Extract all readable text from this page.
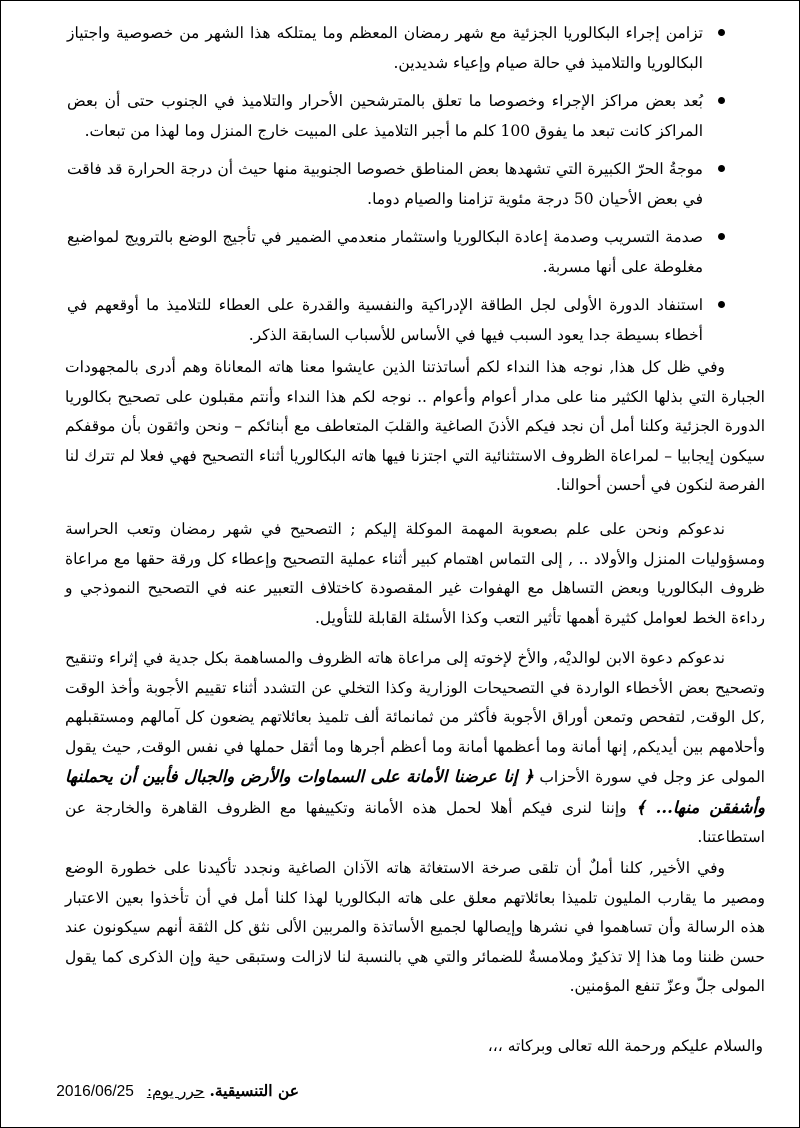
تزامن إجراء البكالوريا الجزئية مع شهر رمضان المعظم وما يمتلكه هذا الشهر من خصوصية واجتياز البكالوريا والتلاميذ في حالة صيام وإعياء شديدين.
بُعد بعض مراكز الإجراء وخصوصا ما تعلق بالمترشحين الأحرار والتلاميذ في الجنوب حتى أن بعض المراكز كانت تبعد ما يفوق 100 كلم ما أجبر التلاميذ على المبيت خارج المنزل وما لهذا من تبعات.
موجةُ الحرّ الكبيرة التي تشهدها بعض المناطق خصوصا الجنوبية منها حيث أن درجة الحرارة قد فاقت في بعض الأحيان 50 درجة مئوية تزامنا والصيام دوما.
صدمة التسريب وصدمة إعادة البكالوريا واستثمار منعدمي الضمير في تأجيج الوضع بالترويج لمواضيع مغلوطة على أنها مسربة.
استنفاد الدورة الأولى لجل الطاقة الإدراكية والنفسية والقدرة على العطاء للتلاميذ ما أوقعهم في أخطاء بسيطة جدا يعود السبب فيها في الأساس للأسباب السابقة الذكر.

وفي ظل كل هذا, نوجه هذا النداء لكم أساتذتنا الذين عايشوا معنا هاته المعاناة وهم أدرى بالمجهودات الجبارة التي بذلها الكثير منا على مدار أعوام وأعوام .. نوجه لكم هذا النداء وأنتم مقبلون على تصحيح بكالوريا الدورة الجزئية وكلنا أمل أن نجد فيكم الأذنَ الصاغية والقلبَ المتعاطف مع أبنائكم – ونحن واثقون بأن موقفكم سيكون إيجابيا – لمراعاة الظروف الاستثنائية التي اجتزنا فيها هاته البكالوريا أثناء التصحيح فهي فعلا لم تترك لنا الفرصة لنكون في أحسن أحوالنا.

ندعوكم ونحن على علم بصعوبة المهمة الموكلة إليكم ; التصحيح في شهر رمضان وتعب الحراسة ومسؤوليات المنزل والأولاد .. , إلى التماس اهتمام كبير أثناء عملية التصحيح وإعطاء كل ورقة حقها مع مراعاة ظروف البكالوريا وبعض التساهل مع الهفوات غير المقصودة كاختلاف التعبير عنه في التصحيح النموذجي و رداءة الخط لعوامل كثيرة أهمها تأثير التعب وكذا الأسئلة القابلة للتأويل.

ندعوكم دعوة الابن لوالديْه, والأخ لإخوته إلى مراعاة هاته الظروف والمساهمة بكل جدية في إثراء وتنقيح وتصحيح بعض الأخطاء الواردة في التصحيحات الوزارية وكذا التخلي عن التشدد أثناء تقييم الأجوبة وأخذ الوقت ,كل الوقت, لتفحص وتمعن أوراق الأجوبة فأكثر من ثمانمائة ألف تلميذ بعائلاتهم يضعون كل آمالهم ومستقبلهم وأحلامهم بين أيديكم, إنها أمانة وما أعظمها أمانة وما أعظم أجرها وما أثقل حملها في نفس الوقت, حيث يقول المولى عز وجل في سورة الأحزاب ﴿ إنا عرضنا الأمانة على السماوات والأرض والجبال فأبين أن يحملنها وأشفقن منها... ﴾ وإننا لنرى فيكم أهلا لحمل هذه الأمانة وتكييفها مع الظروف القاهرة والخارجة عن استطاعتنا.

وفي الأخير, كلنا أملٌ أن تلقى صرخة الاستغاثة هاته الآذان الصاغية ونجدد تأكيدنا على خطورة الوضع ومصير ما يقارب المليون تلميذا بعائلاتهم معلق على هاته البكالوريا لهذا كلنا أمل في أن تأخذوا بعين الاعتبار هذه الرسالة وأن تساهموا في نشرها وإيصالها لجميع الأساتذة والمربين الألى نثق كل الثقة أنهم سيكونون عند حسن ظننا وما هذا إلا تذكيرٌ وملامسةٌ للضمائر والتي هي بالنسبة لنا لازالت وستبقى حية وإن الذكرى كما يقول المولى جلّ وعزّ تنفع المؤمنين.

والسلام عليكم ورحمة الله تعالى وبركاته ،،،

عن التنسيقية. حرر يوم: 2016/06/25
